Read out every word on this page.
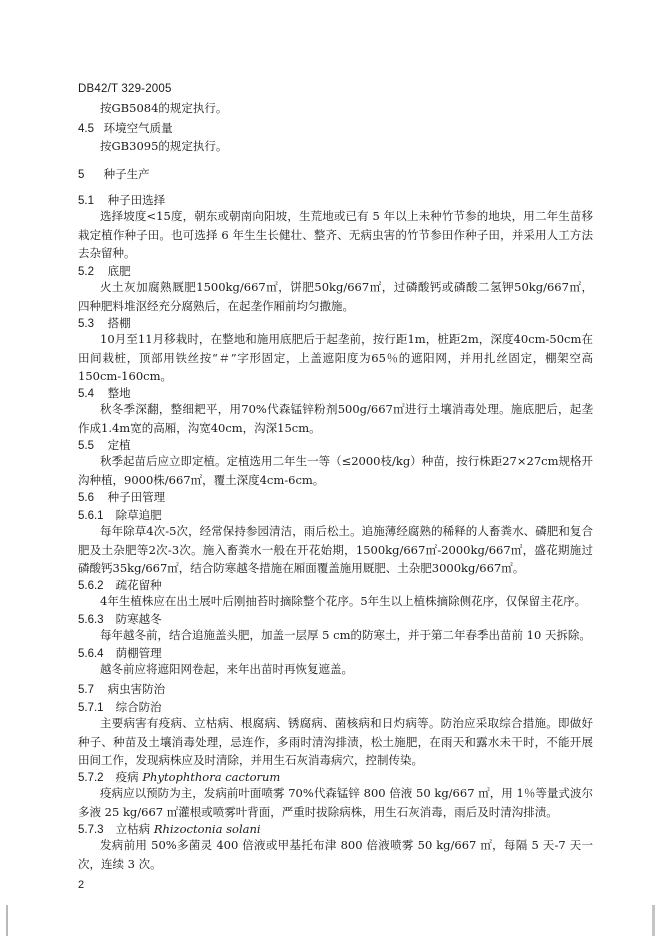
DB42/T 329-2005
按GB5084的规定执行。
4.5 环境空气质量
按GB3095的规定执行。
5 种子生产
5.1 种子田选择
选择坡度<15度，朝东或朝南向阳坡，生荒地或已有 5 年以上未种竹节参的地块，用二年生苗移栽定植作种子田。也可选择 6 年生生长健壮、整齐、无病虫害的竹节参田作种子田，并采用人工方法去杂留种。
5.2 底肥
火土灰加腐熟厩肥1500kg/667㎡，饼肥50kg/667㎡，过磷酸钙或磷酸二氢钾50kg/667㎡， 四种肥料堆沤经充分腐熟后，在起垄作厢前均匀撒施。
5.3 搭棚
10月至11月移栽时，在整地和施用底肥后于起垄前，按行距1m，桩距2m，深度40cm-50cm在田间栽桩，顶部用铁丝按“＃”字形固定，上盖遮阳度为65％的遮阳网，并用扎丝固定，棚架空高150cm-160cm。
5.4 整地
秋冬季深翻，整细耙平，用70%代森锰锌粉剂500g/667㎡进行土壤消毒处理。施底肥后，起垄作成1.4m宽的高厢，沟宽40cm，沟深15cm。
5.5 定植
秋季起苗后应立即定植。定植选用二年生一等（≤2000枝/kg）种苗，按行株距27×27cm规格开沟种植，9000株/667㎡，覆土深度4cm-6cm。
5.6 种子田管理
5.6.1 除草追肥
每年除草4次-5次，经常保持参园清洁，雨后松土。追施薄经腐熟的稀释的人畜粪水、磷肥和复合肥及土杂肥等2次-3次。施入畜粪水一般在开花始期，1500kg/667㎡-2000kg/667㎡，盛花期施过磷酸钙35kg/667㎡，结合防寒越冬措施在厢面覆盖施用厩肥、土杂肥3000kg/667㎡。
5.6.2 疏花留种
4年生植株应在出土展叶后刚抽苔时摘除整个花序。5年生以上植株摘除侧花序，仅保留主花序。
5.6.3 防寒越冬
每年越冬前，结合追施盖头肥，加盖一层厚 5 cm的防寒土，并于第二年春季出苗前 10 天拆除。
5.6.4 荫棚管理
越冬前应将遮阳网卷起，来年出苗时再恢复遮盖。
5.7 病虫害防治
5.7.1 综合防治
主要病害有疫病、立枯病、根腐病、锈腐病、菌核病和日灼病等。防治应采取综合措施。即做好种子、种苗及土壤消毒处理，忌连作，多雨时清沟排渍，松土施肥，在雨天和露水未干时，不能开展田间工作，发现病株应及时清除，并用生石灰消毒病穴，控制传染。
5.7.2 疫病 Phytophthora cactorum
疫病应以预防为主，发病前叶面喷雾 70%代森锰锌 800 倍液 50 kg/667 ㎡，用 1％等量式波尔多液 25 kg/667 ㎡灌根或喷雾叶背面，严重时拔除病株，用生石灰消毒，雨后及时清沟排渍。
5.7.3 立枯病 Rhizoctonia solani
发病前用 50%多菌灵 400 倍液或甲基托布津 800 倍液喷雾 50 kg/667 ㎡，每隔 5 天-7 天一次，连续 3 次。
2
